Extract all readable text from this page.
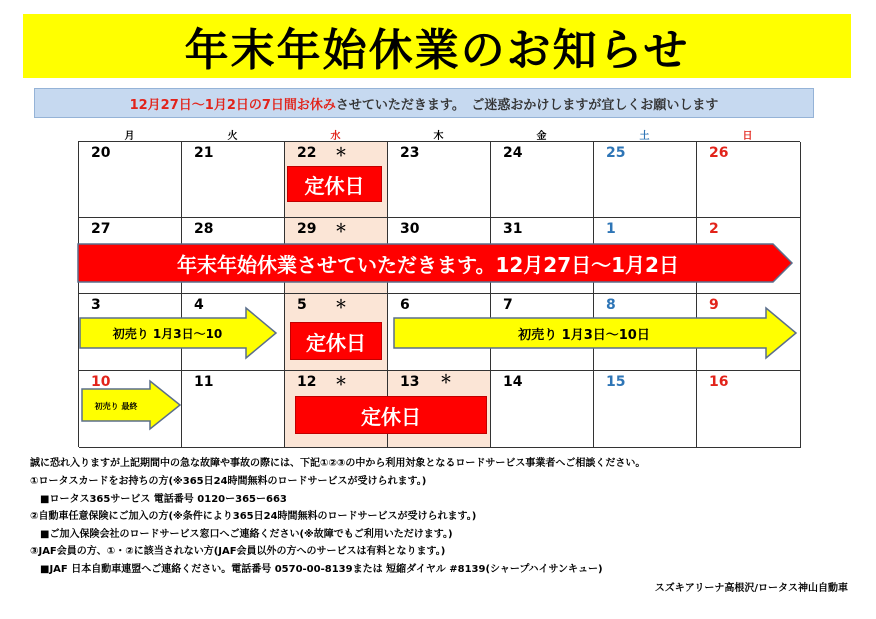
年末年始休業のお知らせ
12月27日～1月2日の7日間お休み させていただきます。　ご迷惑おかけしますが宜しくお願いします
月	火	水	木	金	土	日
20	21	22 ＊	23	24	25	26
27	28	29 ＊	30	31	1	2
3	4	5 ＊	6	7	8	9
10	11	12 ＊	13 ＊	14	15	16
定休日
年末年始休業させていただきます。12月27日～1月2日
初売り 1月3日～10	定休日	初売り 1月3日～10日
初売り 最終	定休日
誠に恐れ入りますが上記期間中の急な故障や事故の際には、下記①②③の中から利用対象となるロードサービス事業者へご相談ください。
①ロータスカードをお持ちの方(※365日24時間無料のロードサービスが受けられます。)
■ロータス365サービス 電話番号 0120ー365ー663
②自動車任意保険にご加入の方(※条件により365日24時間無料のロードサービスが受けられます。)
■ご加入保険会社のロードサービス窓口へご連絡ください(※故障でもご利用いただけます。)
③JAF会員の方、①・②に該当されない方(JAF会員以外の方へのサービスは有料となります。)
■JAF 日本自動車連盟へご連絡ください。電話番号 0570-00-8139または 短縮ダイヤル #8139(シャープハイサンキュー)
スズキアリーナ高根沢/ロータス神山自動車
